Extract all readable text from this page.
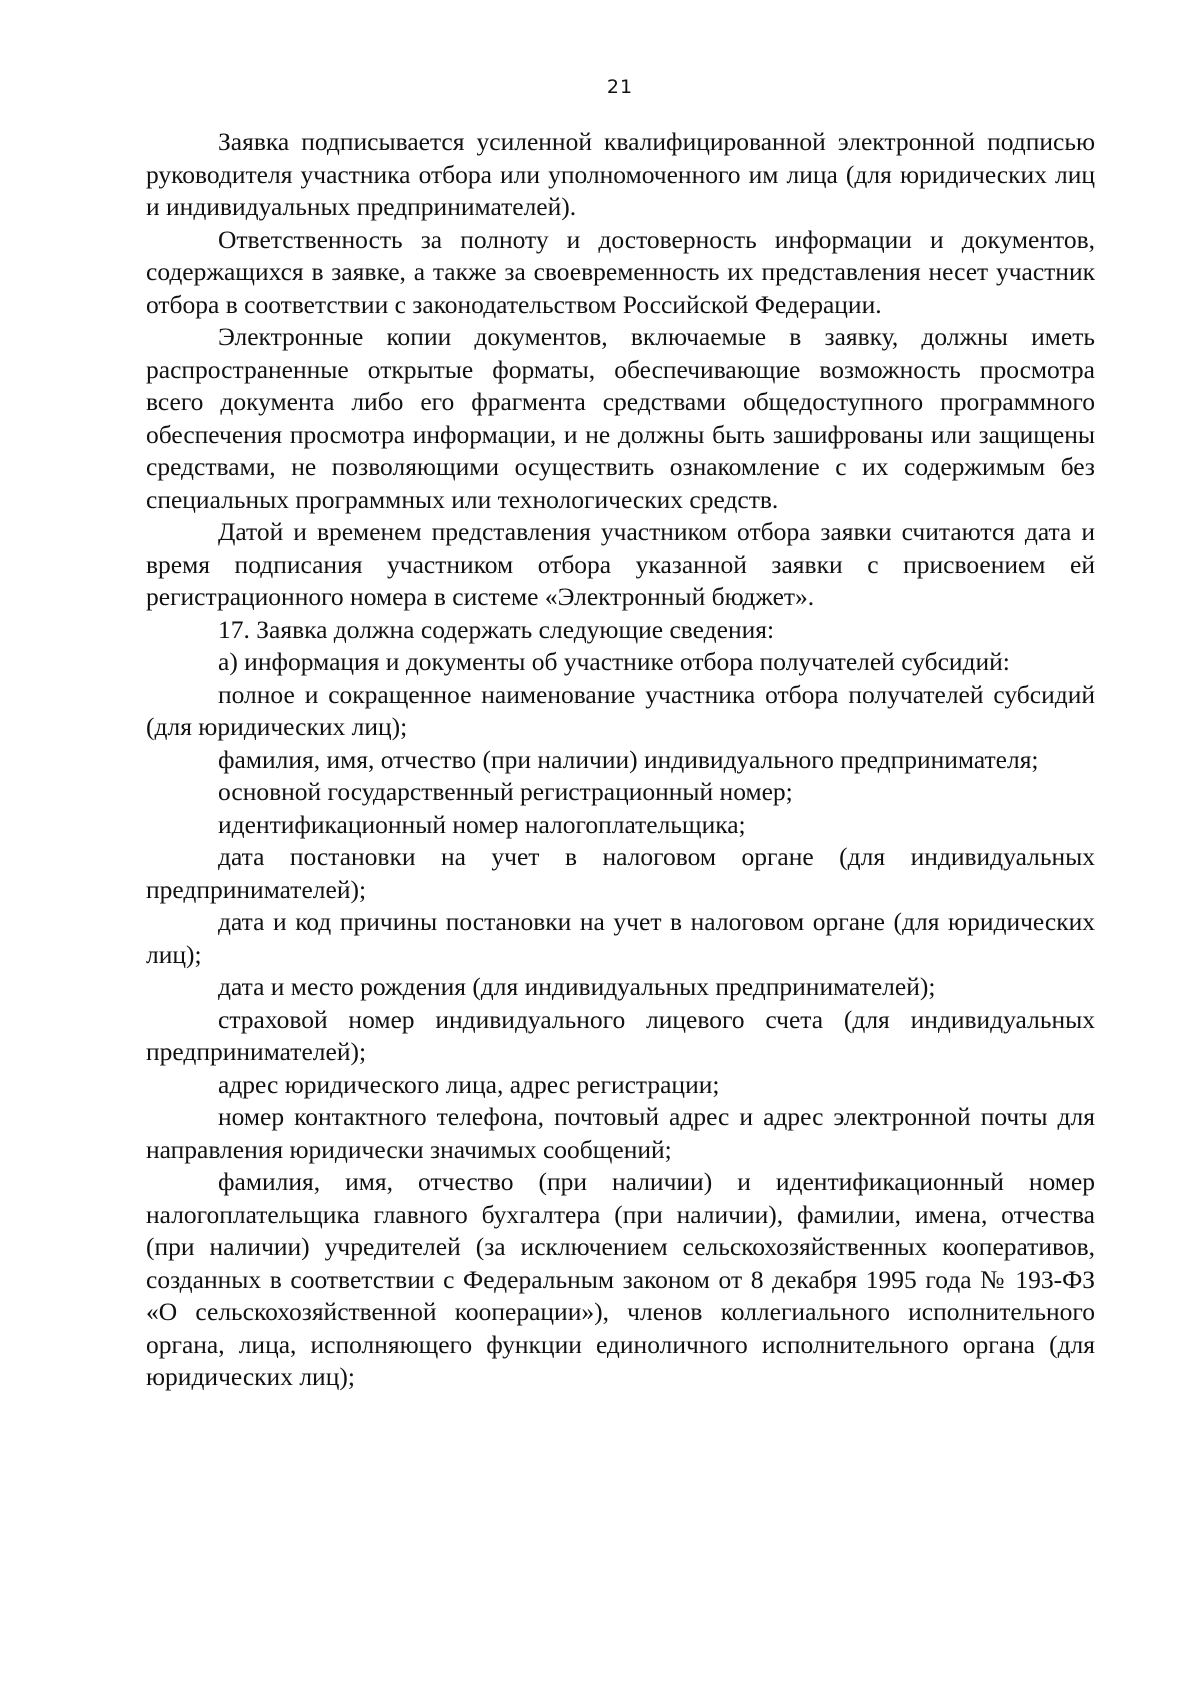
21

Заявка подписывается усиленной квалифицированной электронной подписью руководителя участника отбора или уполномоченного им лица (для юридических лиц и индивидуальных предпринимателей).

Ответственность за полноту и достоверность информации и документов, содержащихся в заявке, а также за своевременность их представления несет участник отбора в соответствии с законодательством Российской Федерации.

Электронные копии документов, включаемые в заявку, должны иметь распространенные открытые форматы, обеспечивающие возможность просмотра всего документа либо его фрагмента средствами общедоступного программного обеспечения просмотра информации, и не должны быть зашифрованы или защищены средствами, не позволяющими осуществить ознакомление с их содержимым без специальных программных или технологических средств.

Датой и временем представления участником отбора заявки считаются дата и время подписания участником отбора указанной заявки с присвоением ей регистрационного номера в системе «Электронный бюджет».

17. Заявка должна содержать следующие сведения:

а) информация и документы об участнике отбора получателей субсидий:

полное и сокращенное наименование участника отбора получателей субсидий (для юридических лиц);

фамилия, имя, отчество (при наличии) индивидуального предпринимателя;

основной государственный регистрационный номер;

идентификационный номер налогоплательщика;

дата постановки на учет в налоговом органе (для индивидуальных предпринимателей);

дата и код причины постановки на учет в налоговом органе (для юридических лиц);

дата и место рождения (для индивидуальных предпринимателей);

страховой номер индивидуального лицевого счета (для индивидуальных предпринимателей);

адрес юридического лица, адрес регистрации;

номер контактного телефона, почтовый адрес и адрес электронной почты для направления юридически значимых сообщений;

фамилия, имя, отчество (при наличии) и идентификационный номер налогоплательщика главного бухгалтера (при наличии), фамилии, имена, отчества (при наличии) учредителей (за исключением сельскохозяйственных кооперативов, созданных в соответствии с Федеральным законом от 8 декабря 1995 года № 193-ФЗ «О сельскохозяйственной кооперации»), членов коллегиального исполнительного органа, лица, исполняющего функции единоличного исполнительного органа (для юридических лиц);
